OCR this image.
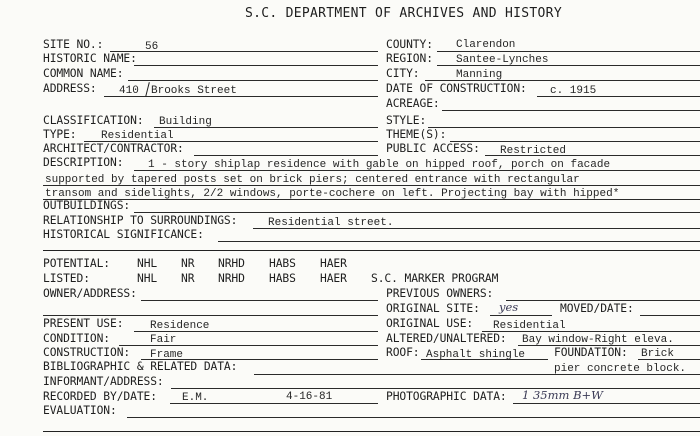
S.C. DEPARTMENT OF ARCHIVES AND HISTORY
SITE NO.:	56
HISTORIC NAME:
COMMON NAME:
ADDRESS: 410 Brooks Street
COUNTY: Clarendon
REGION: Santee-Lynches
CITY:	Manning
DATE OF CONSTRUCTION: c. 1915
ACREAGE:
CLASSIFICATION: Building
TYPE: Residential
ARCHITECT/CONTRACTOR:
STYLE:
THEME(S):
PUBLIC ACCESS: Restricted
DESCRIPTION: 1 - story shiplap residence with gable on hipped roof, porch on facade
supported by tapered posts set on brick piers; centered entrance with rectangular
transom and sidelights, 2/2 windows, porte-cochere on left. Projecting bay with hipped*
OUTBUILDINGS:
RELATIONSHIP TO SURROUNDINGS:	Residential street.
HISTORICAL SIGNIFICANCE:
POTENTIAL: NHL NR NRHD HABS HAER
LISTED:	NHL NR NRHD HABS HAER S.C. MARKER PROGRAM
OWNER/ADDRESS:	PREVIOUS OWNERS:
ORIGINAL SITE: yes	MOVED/DATE:
PRESENT USE: Residence	ORIGINAL USE: Residential
CONDITION:	Fair	ALTERED/UNALTERED: Bay window-Right eleva.
CONSTRUCTION: Frame	ROOF: Asphalt shingle	FOUNDATION: Brick
BIBLIOGRAPHIC & RELATED DATA:	pier concrete block.
INFORMANT/ADDRESS:
RECORDED BY/DATE: E.M.	4-16-81	PHOTOGRAPHIC DATA: 1 35mm B+W
EVALUATION:
